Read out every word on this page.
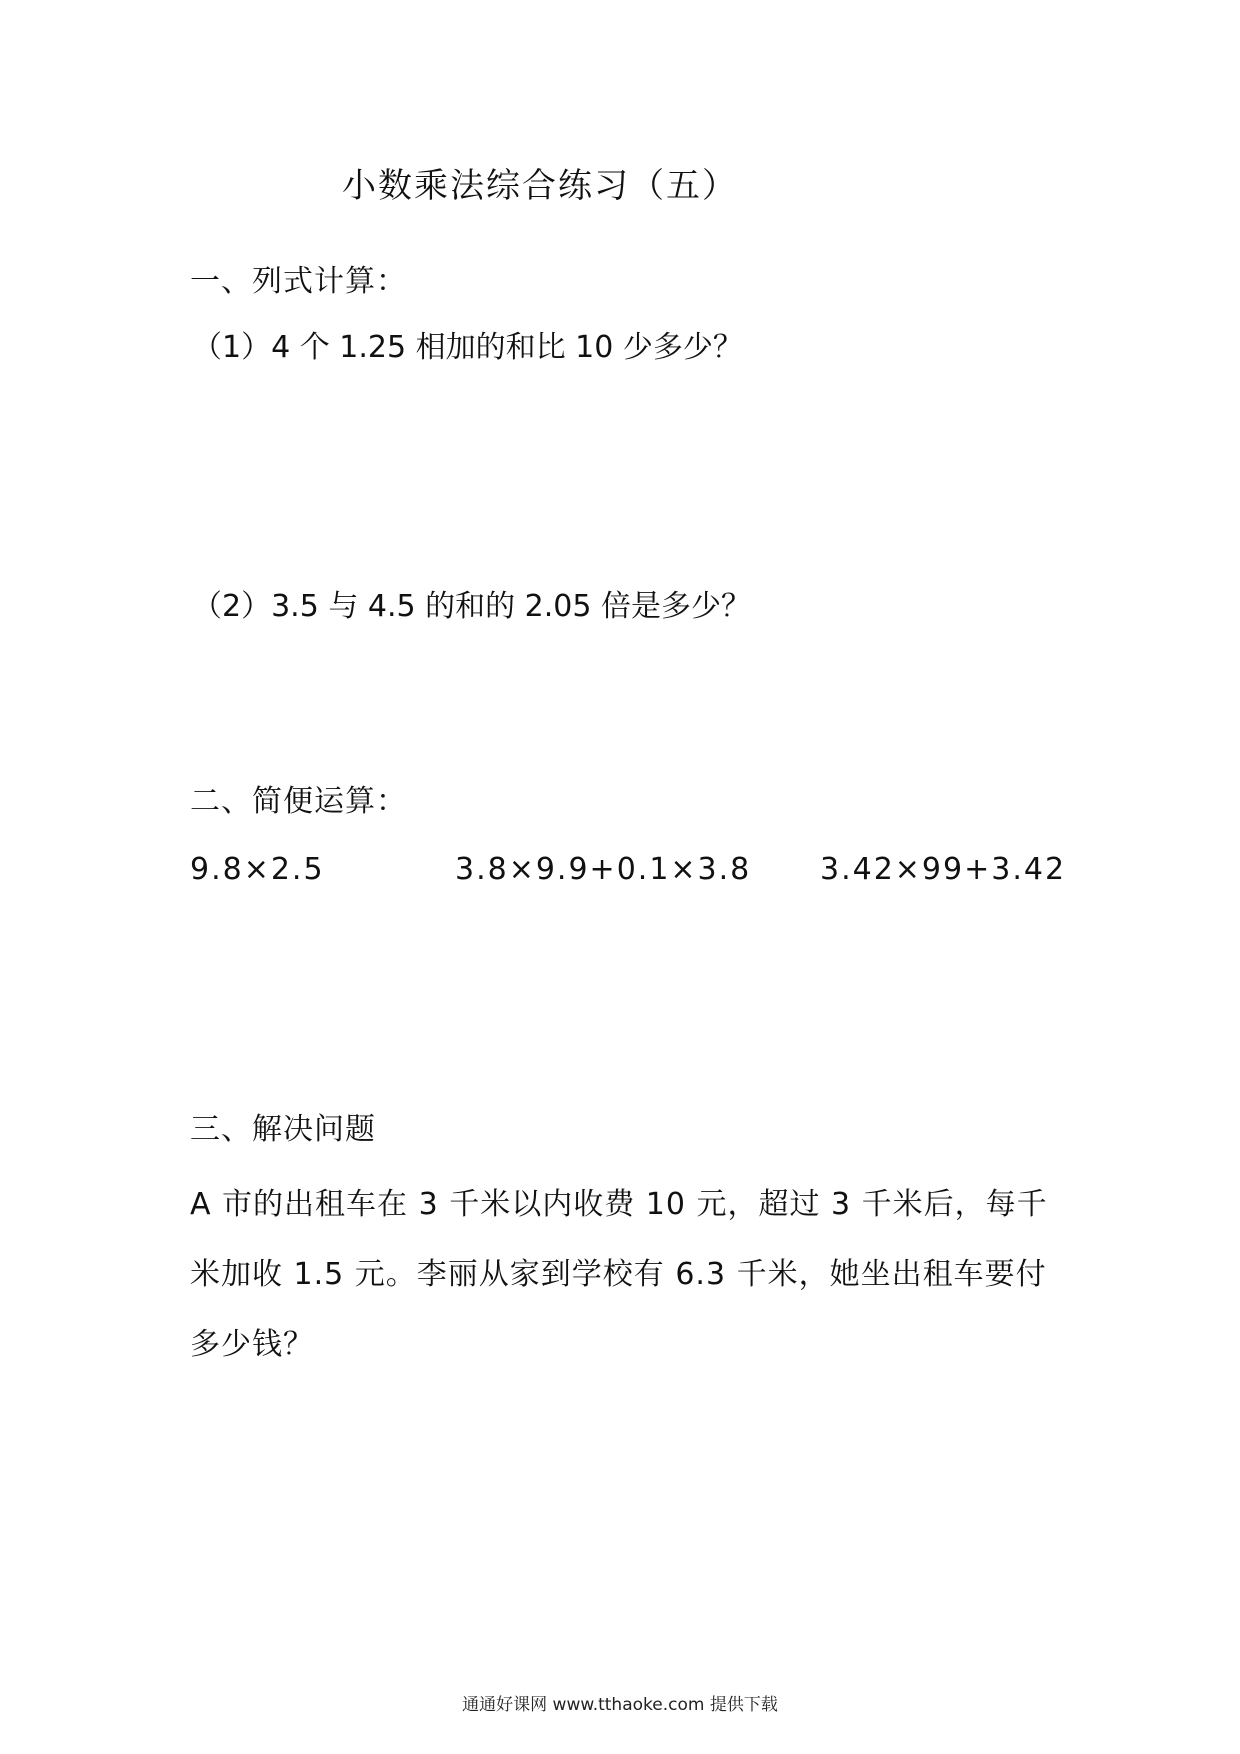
小数乘法综合练习（五）
一、列式计算：
（1）4 个 1.25 相加的和比 10 少多少？
（2）3.5 与 4.5 的和的 2.05 倍是多少？
二、简便运算：
9.8×2.5	3.8×9.9+0.1×3.8 3.42×99+3.42
三、解决问题
A 市的出租车在 3 千米以内收费 10 元，超过 3 千米后，每千米加收 1.5 元。李丽从家到学校有 6.3 千米，她坐出租车要付多少钱？
通通好课网 www.tthaoke.com 提供下载
